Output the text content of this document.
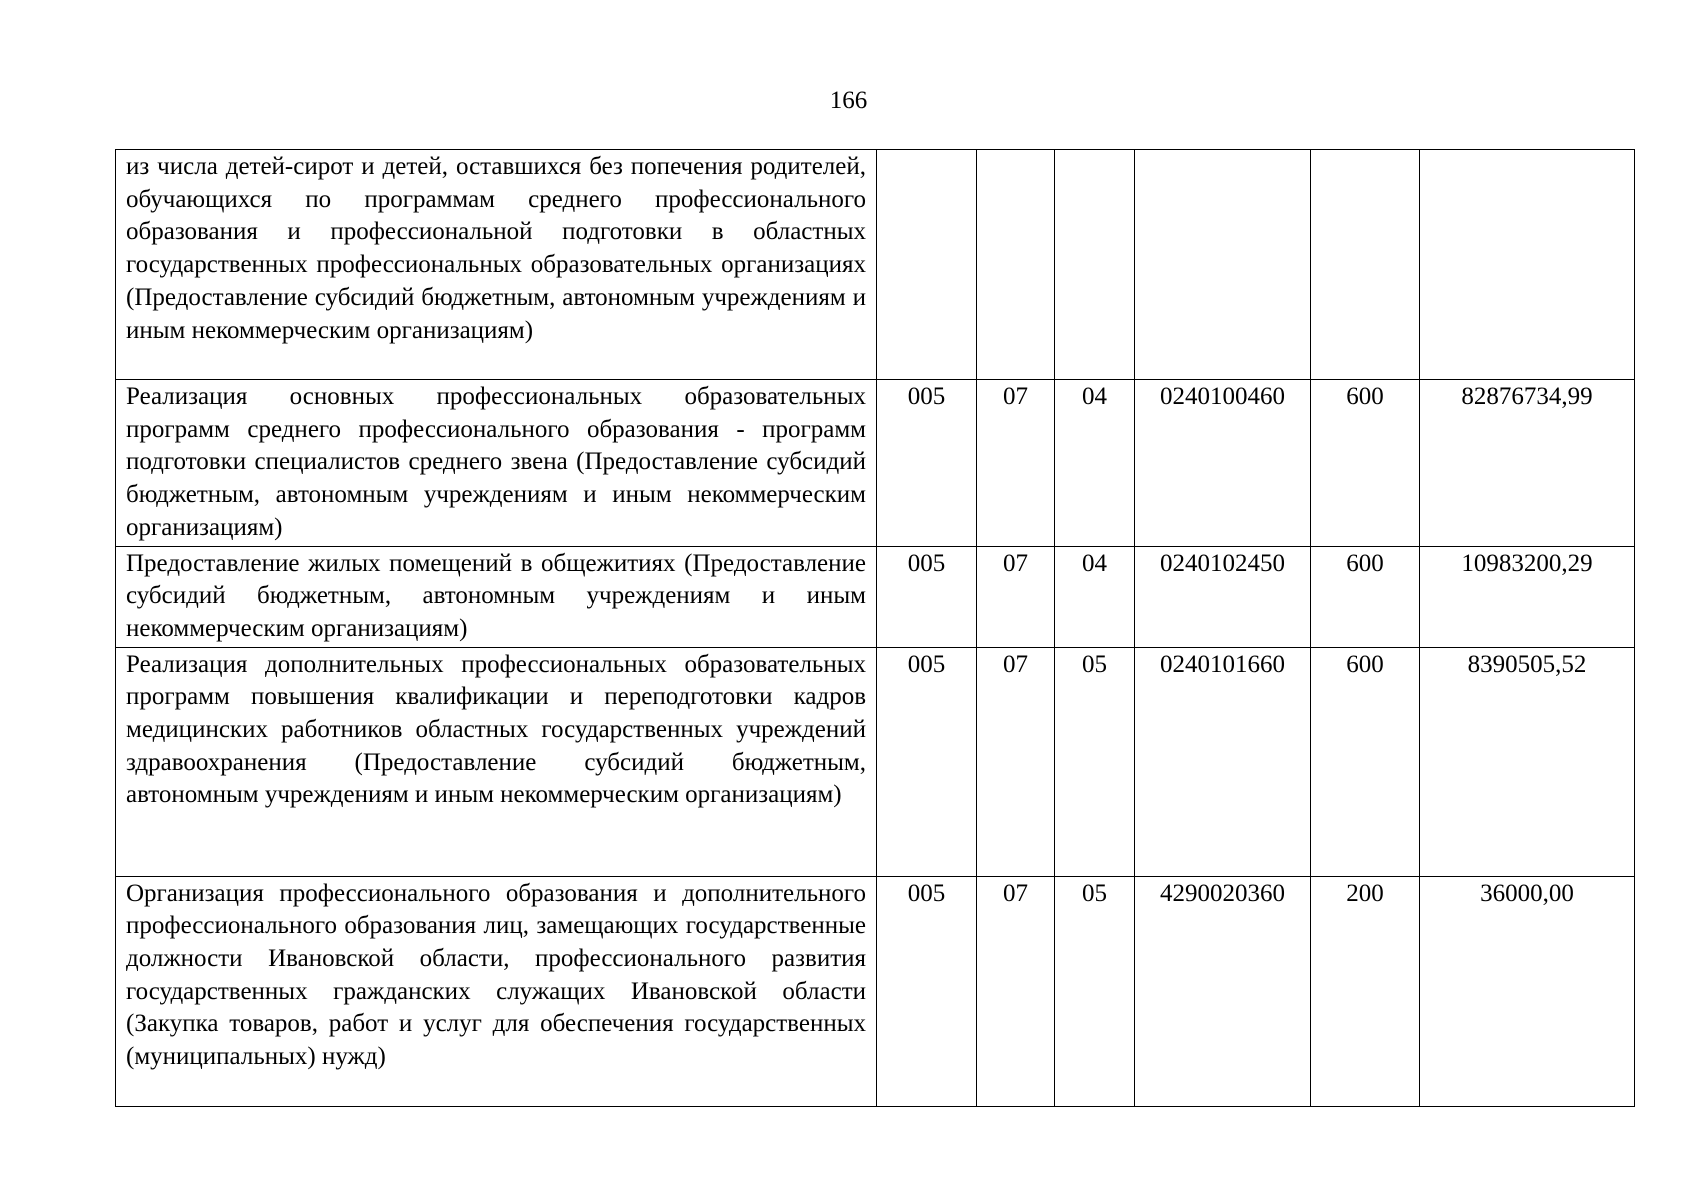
166
из числа детей-сирот и детей, оставшихся без попечения родителей, обучающихся по программам среднего профессионального образования и профессиональной подготовки в областных государственных профессиональных образовательных организациях (Предоставление субсидий бюджетным, автономным учреждениям и иным некоммерческим организациям)						
Реализация основных профессиональных образовательных программ среднего профессионального образования - программ подготовки специалистов среднего звена (Предоставление субсидий бюджетным, автономным учреждениям и иным некоммерческим организациям)	005	07	04	0240100460	600	82876734,99
Предоставление жилых помещений в общежитиях (Предоставление субсидий бюджетным, автономным учреждениям и иным некоммерческим организациям)	005	07	04	0240102450	600	10983200,29
Реализация дополнительных профессиональных образовательных программ повышения квалификации и переподготовки кадров медицинских работников областных государственных учреждений здравоохранения (Предоставление субсидий бюджетным, автономным учреждениям и иным некоммерческим организациям)	005	07	05	0240101660	600	8390505,52
Организация профессионального образования и дополнительного профессионального образования лиц, замещающих государственные должности Ивановской области, профессионального развития государственных гражданских служащих Ивановской области (Закупка товаров, работ и услуг для обеспечения государственных (муниципальных) нужд)	005	07	05	4290020360	200	36000,00
